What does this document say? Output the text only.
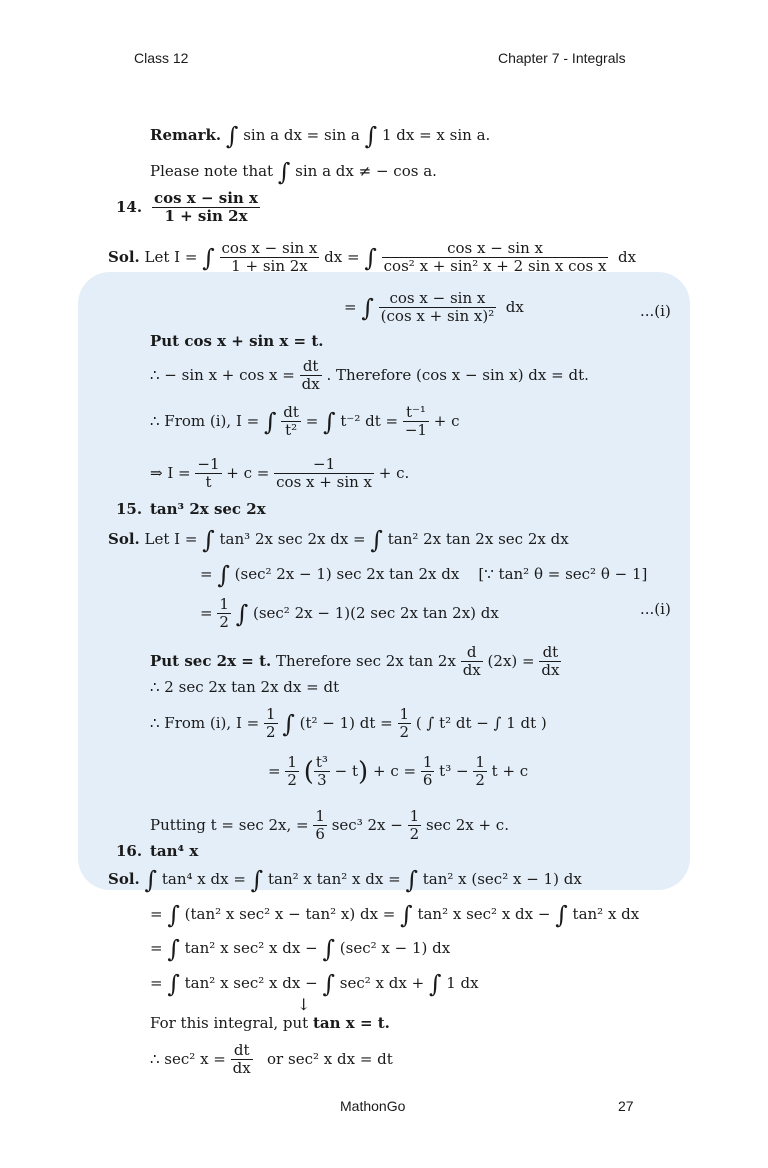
Class 12	Chapter 7 - Integrals
Remark. ∫ sin a dx = sin a ∫ 1 dx = x sin a.
Please note that ∫ sin a dx ≠ − cos a.
14. $\frac{\text{cos x − sin x}}{1 + \sin 2x}$
Sol. Let I = ∫ $\frac{\text{cos x − sin x}}{1 + \sin 2x}$ dx = ∫ $\frac{\text{cos x − sin x}}{\text{cos² x + sin² x + 2 sin x cos x}}$ dx
= ∫ $\frac{\text{cos x − sin x}}{\text{(cos x + sin x)²}}$ dx	...(i)
Put cos x + sin x = t.
∴ − $\sin x + \cos x = \frac{dt}{dx}$ . Therefore (cos x − sin x) dx = dt.
∴ From (i), I = ∫ $\frac{dt}{\text{t²}}$ = ∫ t⁻² dt = $\frac{\text{t⁻¹}}{-1} + c$
⇒ $I = \frac{-1}{t} + c = \frac{-1}{\text{cos x + sin x}} + c$.
15. tan³ 2x sec 2x
Sol. Let I = ∫ tan³ 2x sec 2x dx = ∫ tan² 2x tan 2x sec 2x dx
= ∫ (sec² 2x − 1) sec 2x tan 2x dx [∵ tan² θ = sec² θ − 1]
= $\frac{1}{2}$ ∫ (sec² 2x − 1)(2 sec 2x tan 2x) dx	...(i)
Put sec 2x = t. Therefore sec 2x $\tan 2x \frac{d}{dx} (2x) = \frac{dt}{dx}$
∴ 2 sec 2x tan 2x dx = dt
∴ From (i), $I = \frac{1}{2}$ ∫ (t² − 1) dt = $\frac{1}{2}$ ( ∫ t² dt − ∫ 1 dt )
= $\frac{1}{2}$ ( $\frac{\text{t³}}{3} - t) + c = \frac{1}{6} t^3 - \frac{1}{2}$ t + c
Putting t = sec 2x, = $\frac{1}{6} \sec^3$ $2x - \frac{1}{2}$ sec 2x + c.
16. tan⁴ x
Sol. ∫ tan⁴ x dx = ∫ tan² x tan² x dx = ∫ tan² x (sec² x − 1) dx
= ∫ (tan² x sec² x − tan² x) dx = ∫ tan² x sec² x dx − ∫ tan² x dx
= ∫ tan² x sec² x dx − ∫ (sec² x − 1) dx
= ∫ tan² x sec² x dx − ∫ sec² x dx + ∫ 1 dx
↓
For this integral, put tan x = t.
∴ sec² $x = \frac{dt}{dx}$ or sec² x dx = dt
MathonGo	27
